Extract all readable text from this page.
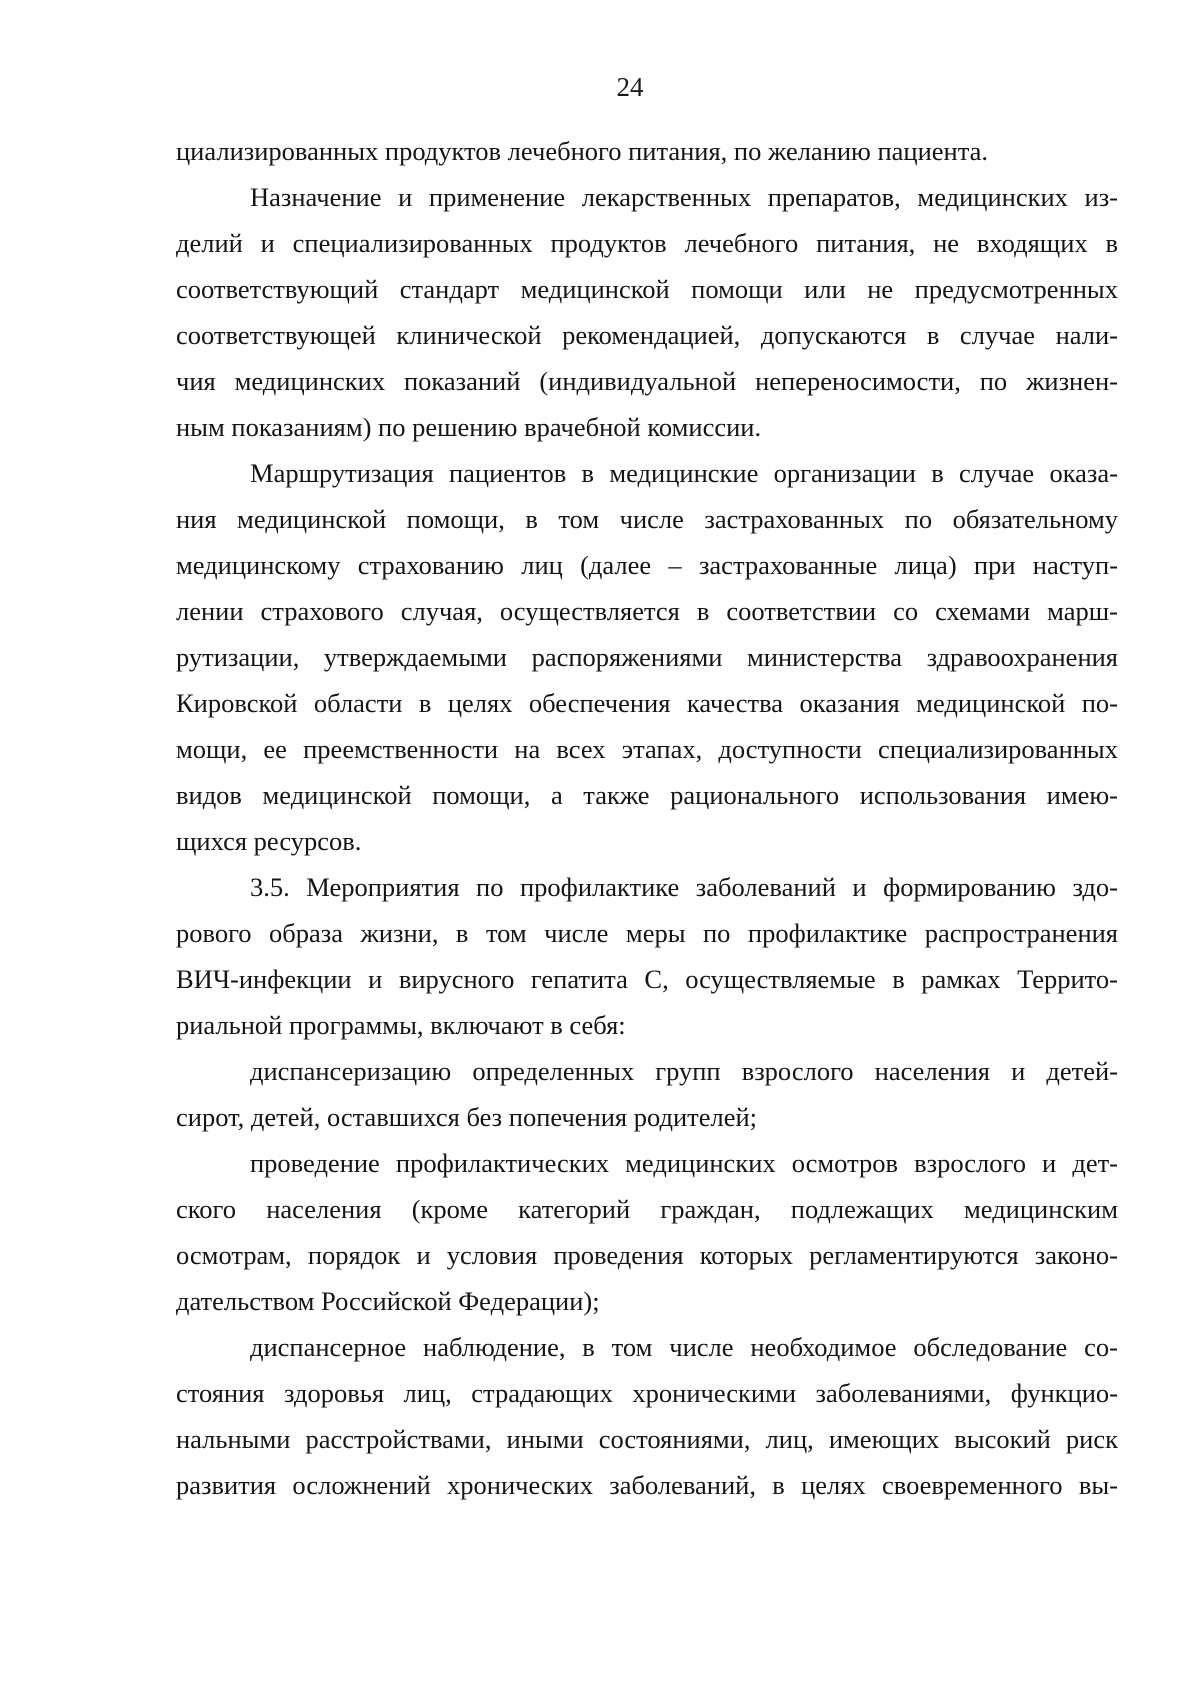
24
циализированных продуктов лечебного питания, по желанию пациента.
Назначение и применение лекарственных препаратов, медицинских из-
делий и специализированных продуктов лечебного питания, не входящих в
соответствующий стандарт медицинской помощи или не предусмотренных
соответствующей клинической рекомендацией, допускаются в случае нали-
чия медицинских показаний (индивидуальной непереносимости, по жизнен-
ным показаниям) по решению врачебной комиссии.
Маршрутизация пациентов в медицинские организации в случае оказа-
ния медицинской помощи, в том числе застрахованных по обязательному
медицинскому страхованию лиц (далее – застрахованные лица) при наступ-
лении страхового случая, осуществляется в соответствии со схемами марш-
рутизации, утверждаемыми распоряжениями министерства здравоохранения
Кировской области в целях обеспечения качества оказания медицинской по-
мощи, ее преемственности на всех этапах, доступности специализированных
видов медицинской помощи, а также рационального использования имею-
щихся ресурсов.
3.5. Мероприятия по профилактике заболеваний и формированию здо-
рового образа жизни, в том числе меры по профилактике распространения
ВИЧ-инфекции и вирусного гепатита С, осуществляемые в рамках Террито-
риальной программы, включают в себя:
диспансеризацию определенных групп взрослого населения и детей-
сирот, детей, оставшихся без попечения родителей;
проведение профилактических медицинских осмотров взрослого и дет-
ского населения (кроме категорий граждан, подлежащих медицинским
осмотрам, порядок и условия проведения которых регламентируются законо-
дательством Российской Федерации);
диспансерное наблюдение, в том числе необходимое обследование со-
стояния здоровья лиц, страдающих хроническими заболеваниями, функцио-
нальными расстройствами, иными состояниями, лиц, имеющих высокий риск
развития осложнений хронических заболеваний, в целях своевременного вы-
